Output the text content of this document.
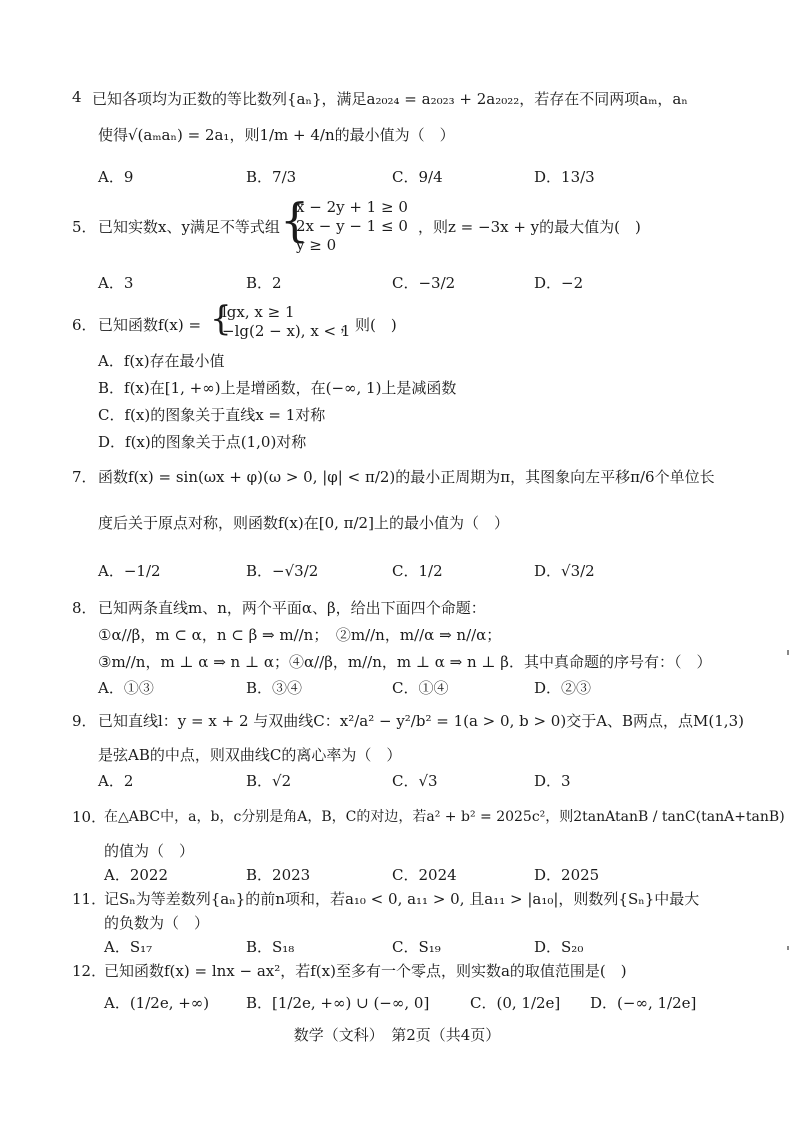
4 已知各项均为正数的等比数列{aₙ}，满足a₂₀₂₄ = a₂₀₂₃ + 2a₂₀₂₂，若存在不同两项aₘ，aₙ
使得√(aₘaₙ) = 2a₁，则1/m + 4/n的最小值为（　）
A．9	B．7/3	C．9/4	D．13/3
5． 已知实数x、y满足不等式组 {
x − 2y + 1 ≥ 0
2x − y − 1 ≤ 0
y ≥ 0
，则z = −3x + y的最大值为(　)
A．3	B．2	C．−3/2	D．−2
6． 已知函数f(x) = {
lgx, x ≥ 1
−lg(2 − x), x < 1
，则(　)
A．f(x)存在最小值
B．f(x)在[1, +∞)上是增函数，在(−∞, 1)上是减函数
C．f(x)的图象关于直线x = 1对称
D．f(x)的图象关于点(1,0)对称
7． 函数f(x) = sin(ωx + φ)(ω > 0, |φ| < π/2)的最小正周期为π，其图象向左平移π/6个单位长
度后关于原点对称，则函数f(x)在[0, π/2]上的最小值为（　）
A．−1/2	B．−√3/2	C．1/2	D．√3/2
8． 已知两条直线m、n，两个平面α、β，给出下面四个命题：
①α//β，m ⊂ α，n ⊂ β ⇒ m//n；　②m//n，m//α ⇒ n//α；
③m//n，m ⊥ α ⇒ n ⊥ α；④α//β，m//n，m ⊥ α ⇒ n ⊥ β．其中真命题的序号有：（　）
A．①③	B．③④	C．①④	D．②③
9． 已知直线l：y = x + 2 与双曲线C：x²/a² − y²/b² = 1(a > 0, b > 0)交于A、B两点，点M(1,3)
是弦AB的中点，则双曲线C的离心率为（　）
A．2	B．√2	C．√3	D．3
10．
在△ABC中，a，b，c分别是角A，B，C的对边，若a² + b² = 2025c²，则2tanAtanB / tanC(tanA+tanB)
的值为（　）
A．2022	B．2023	C．2024	D．2025
11．
记Sₙ为等差数列{aₙ}的前n项和，若a₁₀ < 0, a₁₁ > 0, 且a₁₁ > |a₁₀|，则数列{Sₙ}中最大
的负数为（　）
A．S₁₇	B．S₁₈	C．S₁₉	D．S₂₀
12．
已知函数f(x) = lnx − ax²，若f(x)至多有一个零点，则实数a的取值范围是(　)
A．(1/2e, +∞) B．[1/2e, +∞) ∪ (−∞, 0]	C．(0, 1/2e] D．(−∞, 1/2e]
数学（文科）　第2页（共4页）
